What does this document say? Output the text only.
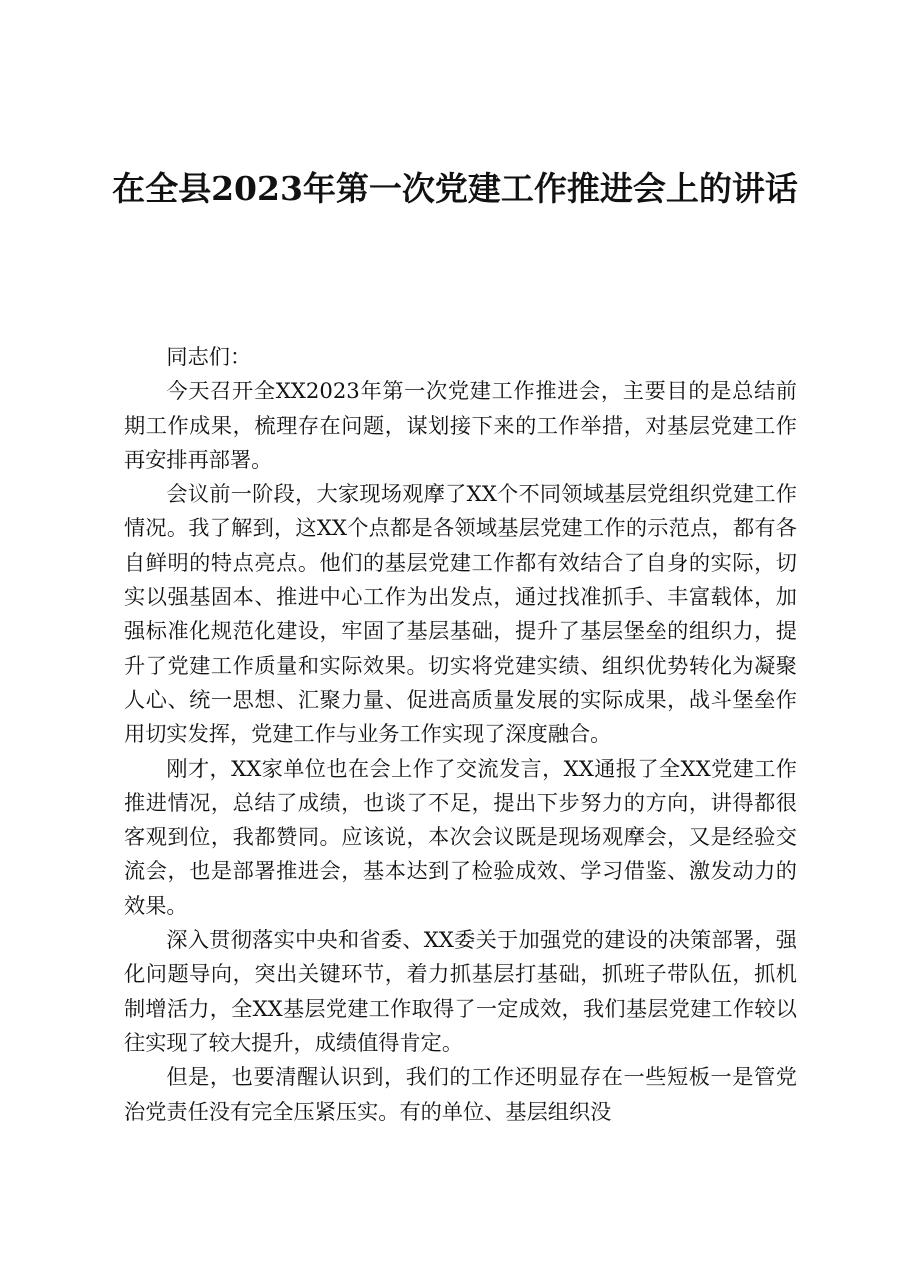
在全县2023年第一次党建工作推进会上的讲话

同志们：

今天召开全XX2023年第一次党建工作推进会，主要目的是总结前期工作成果，梳理存在问题，谋划接下来的工作举措，对基层党建工作再安排再部署。

会议前一阶段，大家现场观摩了XX个不同领域基层党组织党建工作情况。我了解到，这XX个点都是各领域基层党建工作的示范点，都有各自鲜明的特点亮点。他们的基层党建工作都有效结合了自身的实际，切实以强基固本、推进中心工作为出发点，通过找准抓手、丰富载体，加强标准化规范化建设，牢固了基层基础，提升了基层堡垒的组织力，提升了党建工作质量和实际效果。切实将党建实绩、组织优势转化为凝聚人心、统一思想、汇聚力量、促进高质量发展的实际成果，战斗堡垒作用切实发挥，党建工作与业务工作实现了深度融合。

刚才，XX家单位也在会上作了交流发言，XX通报了全XX党建工作推进情况，总结了成绩，也谈了不足，提出下步努力的方向，讲得都很客观到位，我都赞同。应该说，本次会议既是现场观摩会，又是经验交流会，也是部署推进会，基本达到了检验成效、学习借鉴、激发动力的效果。

深入贯彻落实中央和省委、XX委关于加强党的建设的决策部署，强化问题导向，突出关键环节，着力抓基层打基础，抓班子带队伍，抓机制增活力，全XX基层党建工作取得了一定成效，我们基层党建工作较以往实现了较大提升，成绩值得肯定。

但是，也要清醒认识到，我们的工作还明显存在一些短板一是管党治党责任没有完全压紧压实。有的单位、基层组织没
